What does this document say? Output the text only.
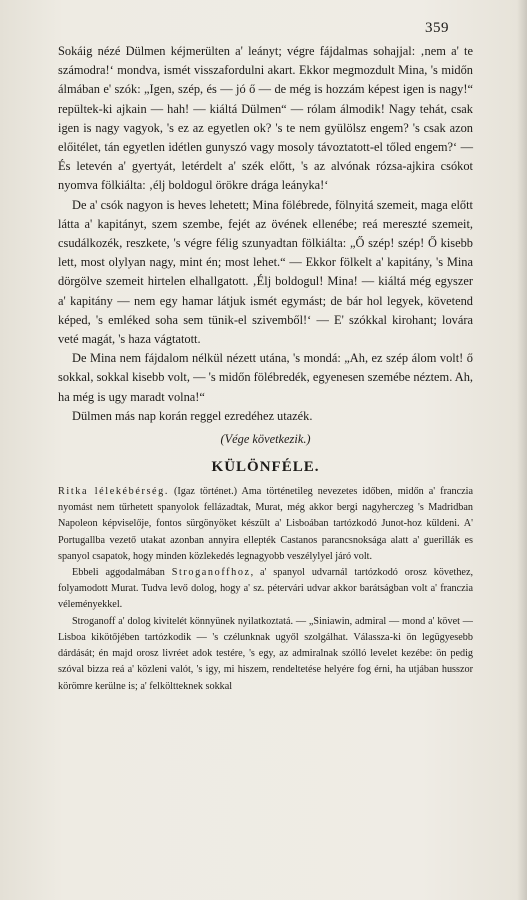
359

Sokáig nézé Dülmen kéjmerülten a' leányt; végre fájdalmas sohajjal: ‚nem a' te számodra!‘ mondva, ismét visszafordulni akart. Ekkor megmozdult Mina, 's midőn álmában e' szók: „Igen, szép, és — jó ő — de még is hozzám képest igen is nagy!“ repültek-ki ajkain — hah! — kiáltá Dülmen“ — rólam álmodik! Nagy tehát, csak igen is nagy vagyok, 's ez az egyetlen ok? 's te nem gyülölsz engem? 's csak azon előitélet, tán egyetlen idétlen gunyszó vagy mosoly távoztatott-el tőled engem?‘ — És letevén a' gyertyát, letérdelt a' szék előtt, 's az alvónak rózsa-ajkira csókot nyomva fölkiálta: ‚élj boldogul örökre drága leányka!‘

De a' csók nagyon is heves lehetett; Mina fölébrede, fölnyitá szemeit, maga előtt látta a' kapitányt, szem szembe, fejét az övének ellenébe; reá mereszté szemeit, csudálkozék, reszkete, 's végre félig szunyadtan fölkiálta: „Ő szép! szép! Ő kisebb lett, most olylyan nagy, mint én; most lehet.“ — Ekkor fölkelt a' kapitány, 's Mina dörgölve szemeit hirtelen elhallgatott. ‚Élj boldogul! Mina! — kiáltá még egyszer a' kapitány — nem egy hamar látjuk ismét egymást; de bár hol legyek, követend képed, 's emléked soha sem tünik-el szivemből!‘ — E' szókkal kirohant; lovára veté magát, 's haza vágtatott.

De Mina nem fájdalom nélkül nézett utána, 's mondá: „Ah, ez szép álom volt! ő sokkal, sokkal kisebb volt, — 's midőn fölébredék, egyenesen szemébe néztem. Ah, ha még is ugy maradt volna!“

Dülmen más nap korán reggel ezredéhez utazék.

(Vége következik.)
KÜLÖNFÉLE.

Ritka lélekébérség. (Igaz történet.) Ama történetileg nevezetes időben, midőn a' franczia nyomást nem tűrhetett spanyolok fellázadtak, Murat, még akkor bergi nagyherczeg 's Madridban Napoleon képviselője, fontos sürgönyöket készült a' Lisboában tartózkodó Junot-hoz küldeni. A' Portugallba vezető utakat azonban annyira ellepték Castanos parancsnoksága alatt a' guerillák es spanyol csapatok, hogy minden közlekedés legnagyobb veszélylyel járó volt.

Ebbeli aggodalmában Stroganoffhoz, a' spanyol udvarnál tartózkodó orosz követhez, folyamodott Murat. Tudva levő dolog, hogy a' sz. pétervári udvar akkor barátságban volt a' franczia véleményekkel.

Stroganoff a' dolog kivitelét könnyünek nyilatkoztatá. — „Siniawin, admiral — mond a' követ — Lisboa kikötőjében tartózkodik — 's czélunknak ugyől szolgálhat. Válassza-ki ön legügyesebb dárdását; én majd orosz livréet adok testére, 's egy, az admiralnak szólló levelet kezébe: ön pedig szóval bizza reá a' közleni valót, 's igy, mi hiszem, rendeltetése helyére fog érni, ha utjában husszor körömre kerülne is; a' felköltteknek sokkal
